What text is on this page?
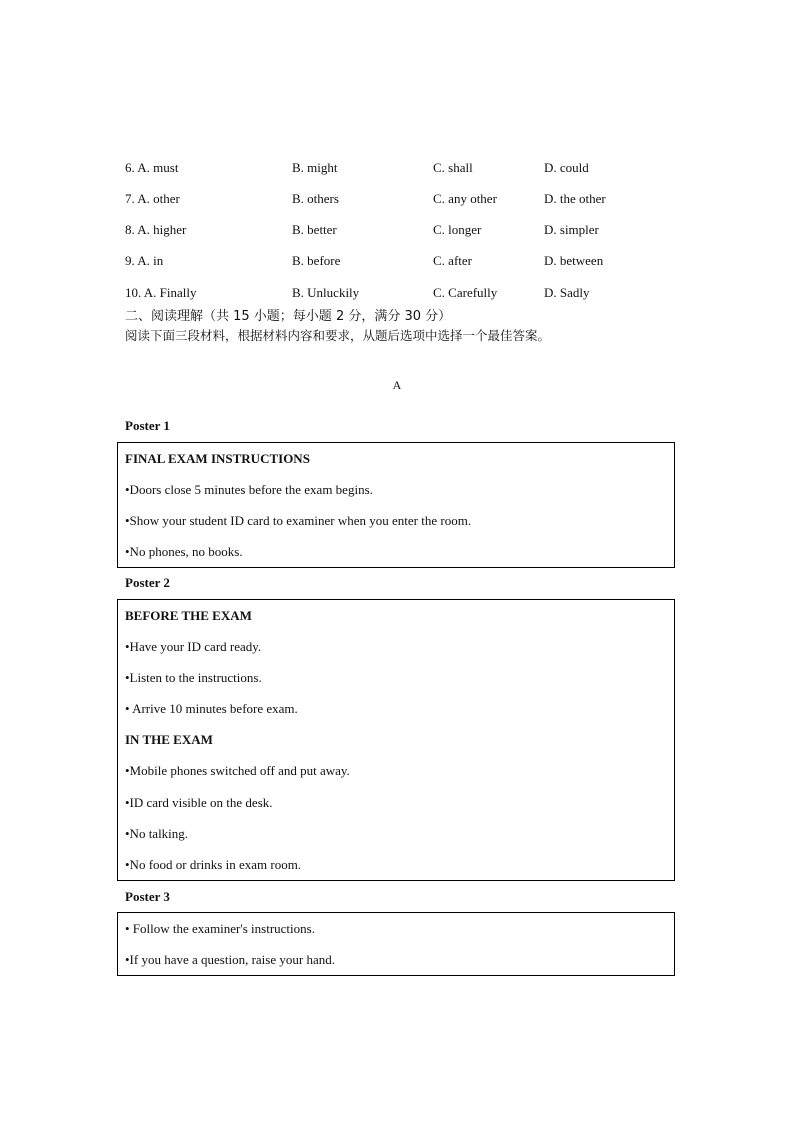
6. A. must	B. might	C. shall	D. could
7. A. other	B. others	C. any other	D. the other
8. A. higher	B. better	C. longer	D. simpler
9. A. in	B. before	C. after	D. between
10. A. Finally	B. Unluckily	C. Carefully	D. Sadly
二、阅读理解（共 15 小题；每小题 2 分，满分 30 分）
阅读下面三段材料，根据材料内容和要求，从题后选项中选择一个最佳答案。
A
Poster 1
FINAL EXAM INSTRUCTIONS
•Doors close 5 minutes before the exam begins.
•Show your student ID card to examiner when you enter the room.
•No phones, no books.
Poster 2
BEFORE THE EXAM
•Have your ID card ready.
•Listen to the instructions.
• Arrive 10 minutes before exam.
IN THE EXAM
•Mobile phones switched off and put away.
•ID card visible on the desk.
•No talking.
•No food or drinks in exam room.
Poster 3
• Follow the examiner's instructions.
•If you have a question, raise your hand.
